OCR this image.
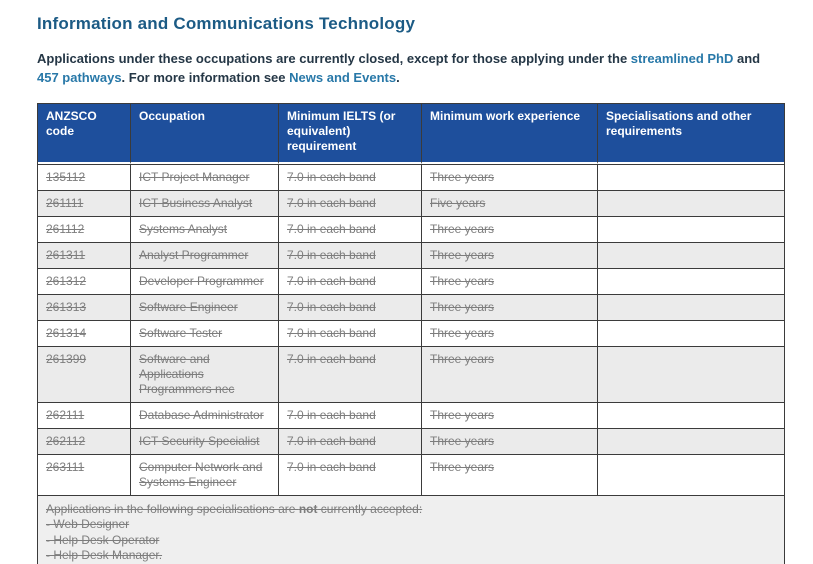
Information and Communications Technology

Applications under these occupations are currently closed, except for those applying under the streamlined PhD and 457 pathways. For more information see News and Events.

ANZSCO code	Occupation	Minimum IELTS (or equivalent) requirement	Minimum work experience	Specialisations and other requirements
135112	ICT Project Manager	7.0 in each band	Three years	
261111	ICT Business Analyst	7.0 in each band	Five years	
261112	Systems Analyst	7.0 in each band	Three years	
261311	Analyst Programmer	7.0 in each band	Three years	
261312	Developer Programmer	7.0 in each band	Three years	
261313	Software Engineer	7.0 in each band	Three years	
261314	Software Tester	7.0 in each band	Three years	
261399	Software and Applications Programmers nec	7.0 in each band	Three years	
262111	Database Administrator	7.0 in each band	Three years	
262112	ICT Security Specialist	7.0 in each band	Three years	
263111	Computer Network and Systems Engineer	7.0 in each band	Three years	

Applications in the following specialisations are not currently accepted:
- Web Designer
- Help Desk Operator
- Help Desk Manager.				
